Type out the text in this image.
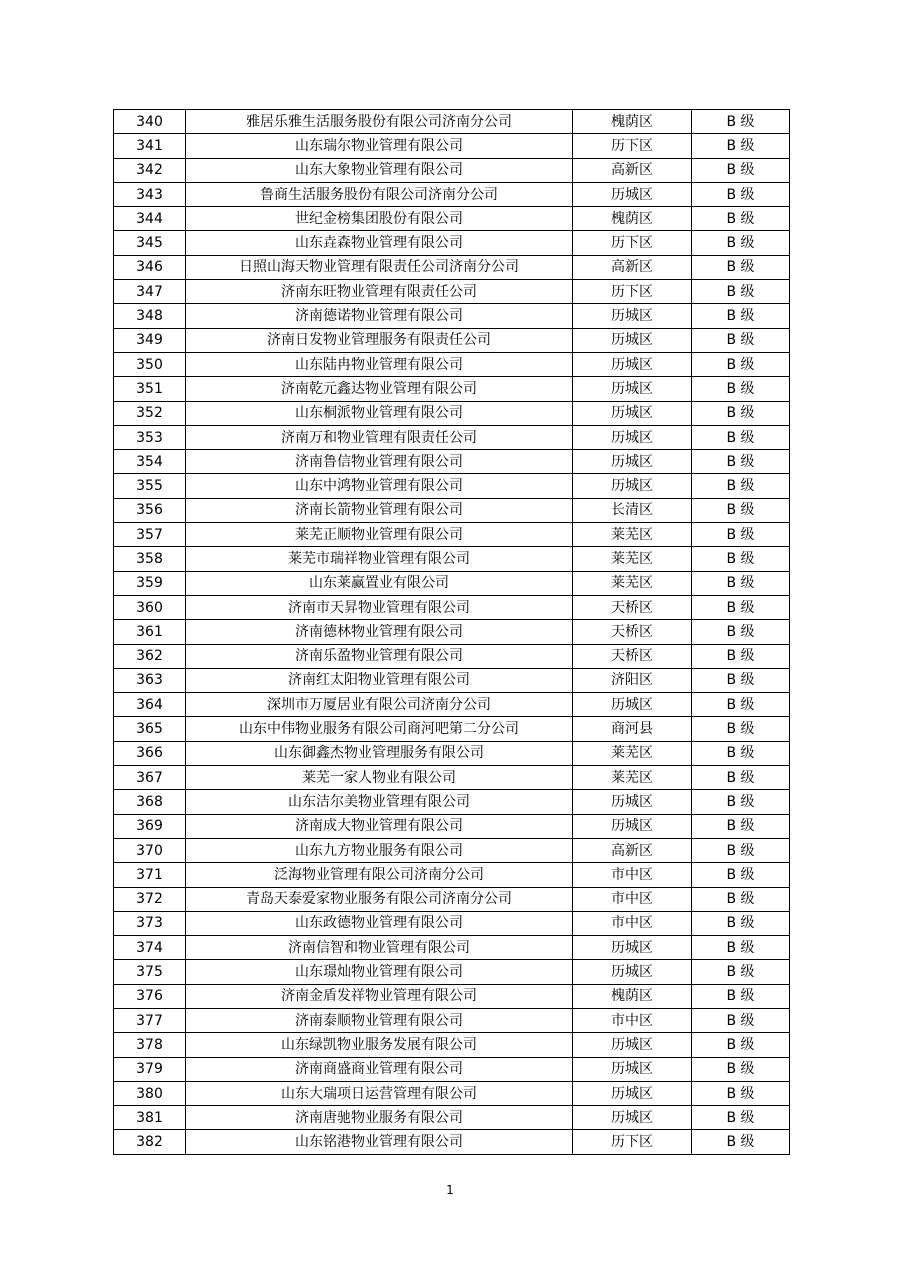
340	雅居乐雅生活服务股份有限公司济南分公司	槐荫区	B 级
341	山东瑞尔物业管理有限公司	历下区	B 级
342	山东大象物业管理有限公司	高新区	B 级
343	鲁商生活服务股份有限公司济南分公司	历城区	B 级
344	世纪金榜集团股份有限公司	槐荫区	B 级
345	山东垚森物业管理有限公司	历下区	B 级
346	日照山海天物业管理有限责任公司济南分公司	高新区	B 级
347	济南东旺物业管理有限责任公司	历下区	B 级
348	济南德诺物业管理有限公司	历城区	B 级
349	济南日发物业管理服务有限责任公司	历城区	B 级
350	山东陆冉物业管理有限公司	历城区	B 级
351	济南乾元鑫达物业管理有限公司	历城区	B 级
352	山东桐派物业管理有限公司	历城区	B 级
353	济南万和物业管理有限责任公司	历城区	B 级
354	济南鲁信物业管理有限公司	历城区	B 级
355	山东中鸿物业管理有限公司	历城区	B 级
356	济南长箭物业管理有限公司	长清区	B 级
357	莱芜正顺物业管理有限公司	莱芜区	B 级
358	莱芜市瑞祥物业管理有限公司	莱芜区	B 级
359	山东莱赢置业有限公司	莱芜区	B 级
360	济南市天昇物业管理有限公司	天桥区	B 级
361	济南德林物业管理有限公司	天桥区	B 级
362	济南乐盈物业管理有限公司	天桥区	B 级
363	济南红太阳物业管理有限公司	济阳区	B 级
364	深圳市万厦居业有限公司济南分公司	历城区	B 级
365	山东中伟物业服务有限公司商河吧第二分公司	商河县	B 级
366	山东御鑫杰物业管理服务有限公司	莱芜区	B 级
367	莱芜一家人物业有限公司	莱芜区	B 级
368	山东洁尔美物业管理有限公司	历城区	B 级
369	济南成大物业管理有限公司	历城区	B 级
370	山东九方物业服务有限公司	高新区	B 级
371	泛海物业管理有限公司济南分公司	市中区	B 级
372	青岛天泰爱家物业服务有限公司济南分公司	市中区	B 级
373	山东政德物业管理有限公司	市中区	B 级
374	济南信智和物业管理有限公司	历城区	B 级
375	山东璟灿物业管理有限公司	历城区	B 级
376	济南金盾发祥物业管理有限公司	槐荫区	B 级
377	济南泰顺物业管理有限公司	市中区	B 级
378	山东绿凯物业服务发展有限公司	历城区	B 级
379	济南商盛商业管理有限公司	历城区	B 级
380	山东大瑞项日运营管理有限公司	历城区	B 级
381	济南唐驰物业服务有限公司	历城区	B 级
382	山东铭港物业管理有限公司	历下区	B 级
1
